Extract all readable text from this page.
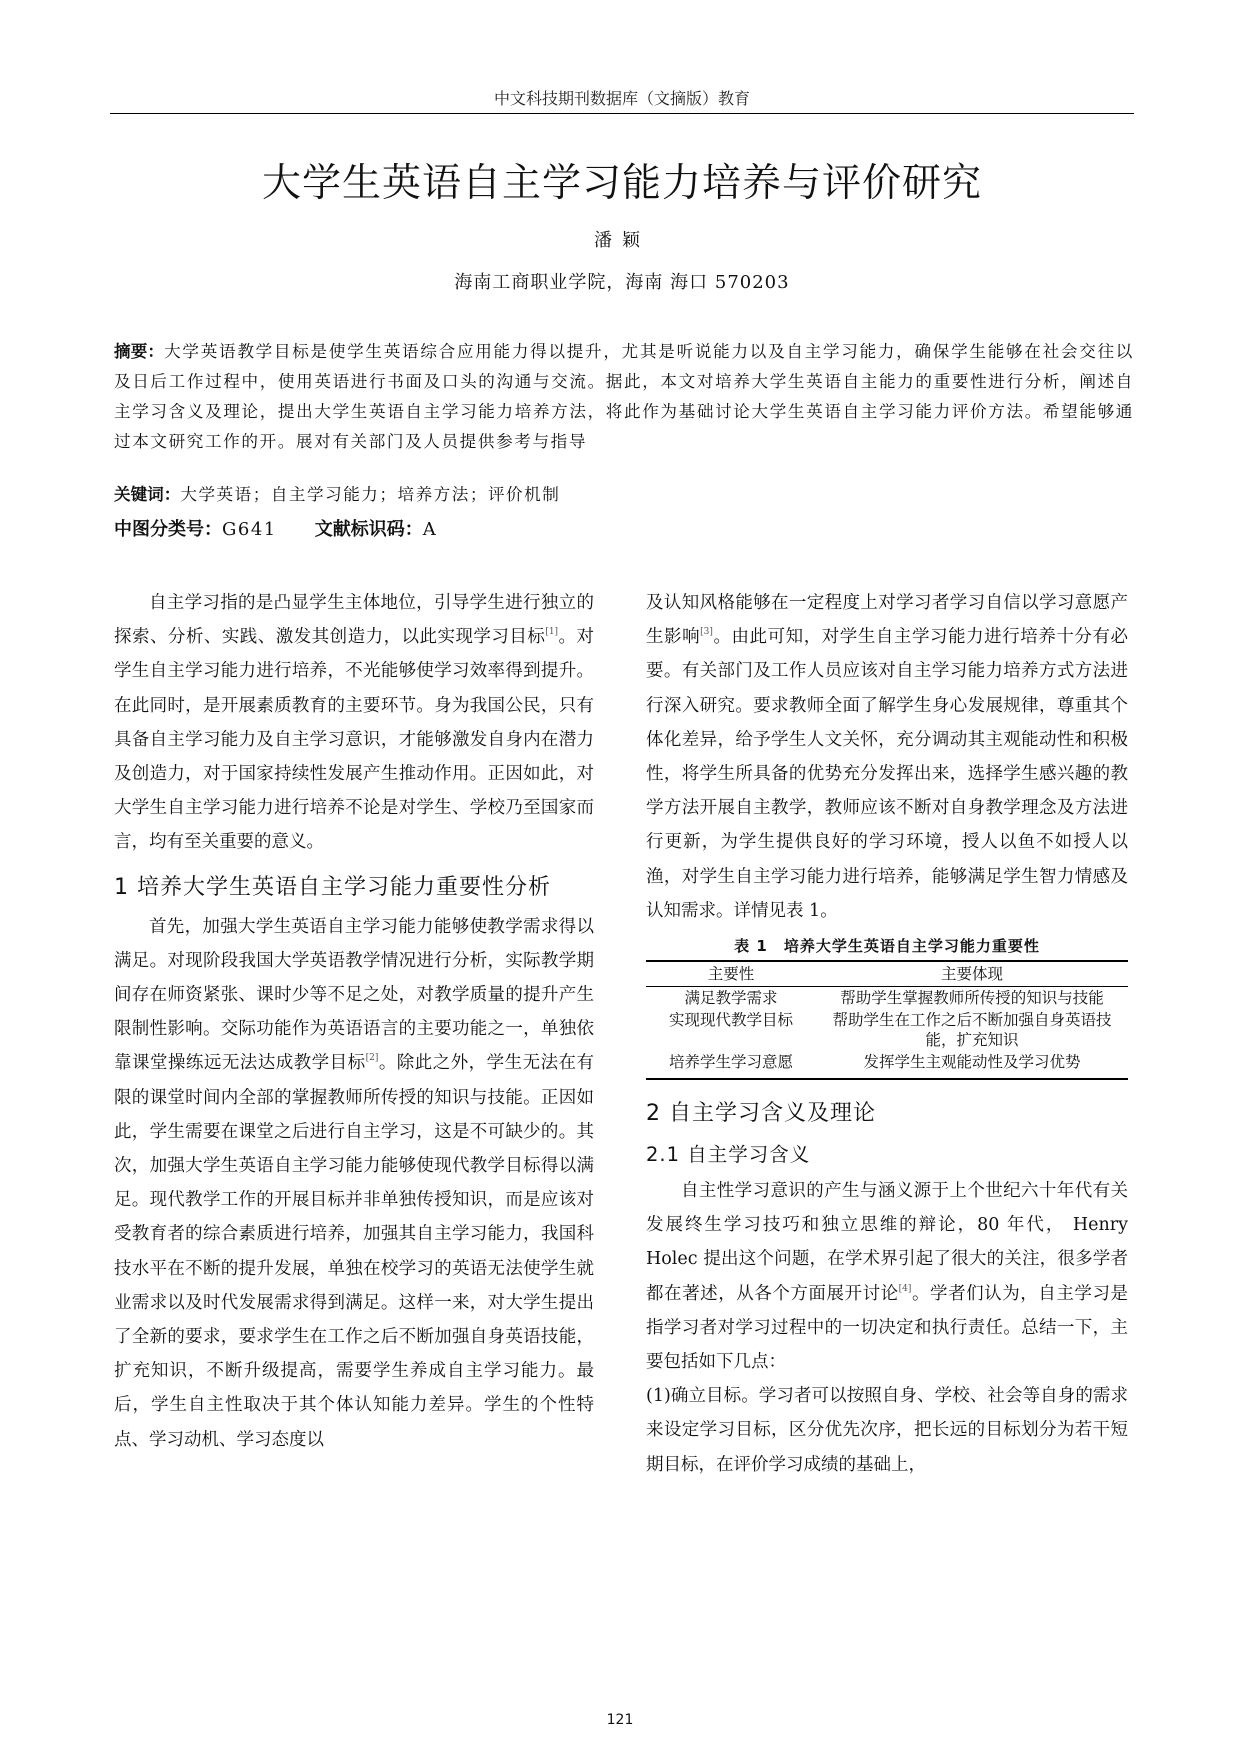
中文科技期刊数据库（文摘版）教育
大学生英语自主学习能力培养与评价研究
潘颖
海南工商职业学院，海南 海口 570203
摘要：大学英语教学目标是使学生英语综合应用能力得以提升，尤其是听说能力以及自主学习能力，确保学生能够在社会交往以及日后工作过程中，使用英语进行书面及口头的沟通与交流。据此，本文对培养大学生英语自主能力的重要性进行分析，阐述自主学习含义及理论，提出大学生英语自主学习能力培养方法，将此作为基础讨论大学生英语自主学习能力评价方法。希望能够通过本文研究工作的开。展对有关部门及人员提供参考与指导
关键词：大学英语；自主学习能力；培养方法；评价机制
中图分类号：G641 文献标识码：A

自主学习指的是凸显学生主体地位，引导学生进行独立的探索、分析、实践、激发其创造力，以此实现学习目标[1]。对学生自主学习能力进行培养，不光能够使学习效率得到提升。在此同时，是开展素质教育的主要环节。身为我国公民，只有具备自主学习能力及自主学习意识，才能够激发自身内在潜力及创造力，对于国家持续性发展产生推动作用。正因如此，对大学生自主学习能力进行培养不论是对学生、学校乃至国家而言，均有至关重要的意义。

1 培养大学生英语自主学习能力重要性分析

首先，加强大学生英语自主学习能力能够使教学需求得以满足。对现阶段我国大学英语教学情况进行分析，实际教学期间存在师资紧张、课时少等不足之处，对教学质量的提升产生限制性影响。交际功能作为英语语言的主要功能之一，单独依靠课堂操练远无法达成教学目标[2]。除此之外，学生无法在有限的课堂时间内全部的掌握教师所传授的知识与技能。正因如此，学生需要在课堂之后进行自主学习，这是不可缺少的。其次，加强大学生英语自主学习能力能够使现代教学目标得以满足。现代教学工作的开展目标并非单独传授知识，而是应该对受教育者的综合素质进行培养，加强其自主学习能力，我国科技水平在不断的提升发展，单独在校学习的英语无法使学生就业需求以及时代发展需求得到满足。这样一来，对大学生提出了全新的要求，要求学生在工作之后不断加强自身英语技能，扩充知识，不断升级提高，需要学生养成自主学习能力。最后，学生自主性取决于其个体认知能力差异。学生的个性特点、学习动机、学习态度以

及认知风格能够在一定程度上对学习者学习自信以学习意愿产生影响[3]。由此可知，对学生自主学习能力进行培养十分有必要。有关部门及工作人员应该对自主学习能力培养方式方法进行深入研究。要求教师全面了解学生身心发展规律，尊重其个体化差异，给予学生人文关怀，充分调动其主观能动性和积极性，将学生所具备的优势充分发挥出来，选择学生感兴趣的教学方法开展自主教学，教师应该不断对自身教学理念及方法进行更新，为学生提供良好的学习环境，授人以鱼不如授人以渔，对学生自主学习能力进行培养，能够满足学生智力情感及认知需求。详情见表 1。

表 1　培养大学生英语自主学习能力重要性
主要性	主要体现
满足教学需求	帮助学生掌握教师所传授的知识与技能
实现现代教学目标	帮助学生在工作之后不断加强自身英语技能，扩充知识
培养学生学习意愿	发挥学生主观能动性及学习优势
2 自主学习含义及理论
2.1 自主学习含义

自主性学习意识的产生与涵义源于上个世纪六十年代有关发展终生学习技巧和独立思维的辩论，80 年代， Henry Holec 提出这个问题，在学术界引起了很大的关注，很多学者都在著述，从各个方面展开讨论[4]。学者们认为，自主学习是指学习者对学习过程中的一切决定和执行责任。总结一下，主要包括如下几点：

(1)确立目标。学习者可以按照自身、学校、社会等自身的需求来设定学习目标，区分优先次序，把长远的目标划分为若干短期目标，在评价学习成绩的基础上，

121
